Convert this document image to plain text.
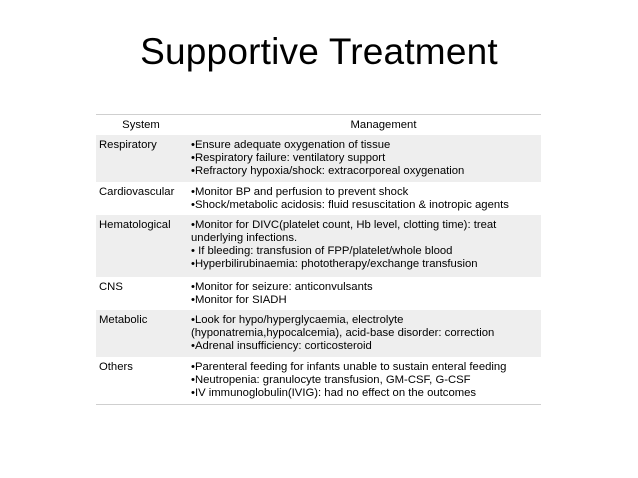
Supportive Treatment
System	Management
Respiratory	•Ensure adequate oxygenation of tissue
•Respiratory failure: ventilatory support
•Refractory hypoxia/shock: extracorporeal oxygenation
Cardiovascular	•Monitor BP and perfusion to prevent shock
•Shock/metabolic acidosis: fluid resuscitation & inotropic agents
Hematological	•Monitor for DIVC(platelet count, Hb level, clotting time): treat
underlying infections.
• If bleeding: transfusion of FPP/platelet/whole blood
•Hyperbilirubinaemia: phototherapy/exchange transfusion
CNS	•Monitor for seizure: anticonvulsants
•Monitor for SIADH
Metabolic	•Look for hypo/hyperglycaemia, electrolyte
(hyponatremia,hypocalcemia), acid-base disorder: correction
•Adrenal insufficiency: corticosteroid
Others	•Parenteral feeding for infants unable to sustain enteral feeding
•Neutropenia: granulocyte transfusion, GM-CSF, G-CSF
•IV immunoglobulin(IVIG): had no effect on the outcomes
